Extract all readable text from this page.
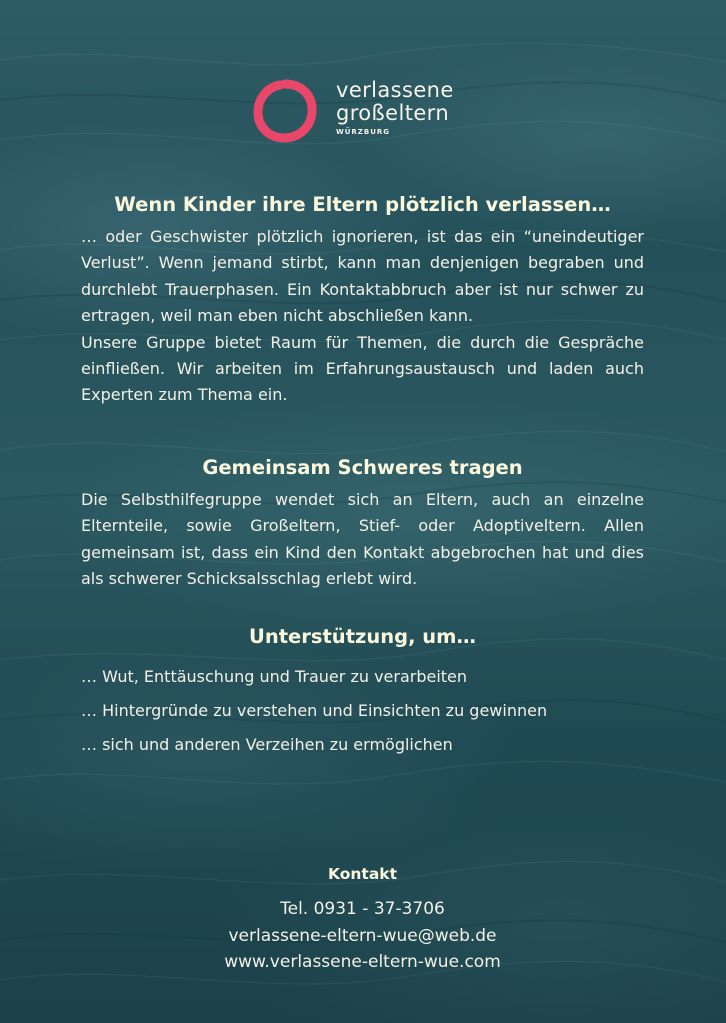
verlassene
großeltern
WÜRZBURG
Wenn Kinder ihre Eltern plötzlich verlassen…

… oder Geschwister plötzlich ignorieren, ist das ein “uneindeutiger Verlust”. Wenn jemand stirbt, kann man denjenigen begraben und durchlebt Trauerphasen. Ein Kontaktabbruch aber ist nur schwer zu ertragen, weil man eben nicht abschließen kann.

Unsere Gruppe bietet Raum für Themen, die durch die Gespräche einfließen. Wir arbeiten im Erfahrungsaustausch und laden auch Experten zum Thema ein.

Gemeinsam Schweres tragen

Die Selbsthilfegruppe wendet sich an Eltern, auch an einzelne Elternteile, sowie Großeltern, Stief- oder Adoptiveltern. Allen gemeinsam ist, dass ein Kind den Kontakt abgebrochen hat und dies als schwerer Schicksalsschlag erlebt wird.

Unterstützung, um…
… Wut, Enttäuschung und Trauer zu verarbeiten
… Hintergründe zu verstehen und Einsichten zu gewinnen
… sich und anderen Verzeihen zu ermöglichen
Kontakt
Tel. 0931 - 37-3706
verlassene-eltern-wue@web.de
www.verlassene-eltern-wue.com
